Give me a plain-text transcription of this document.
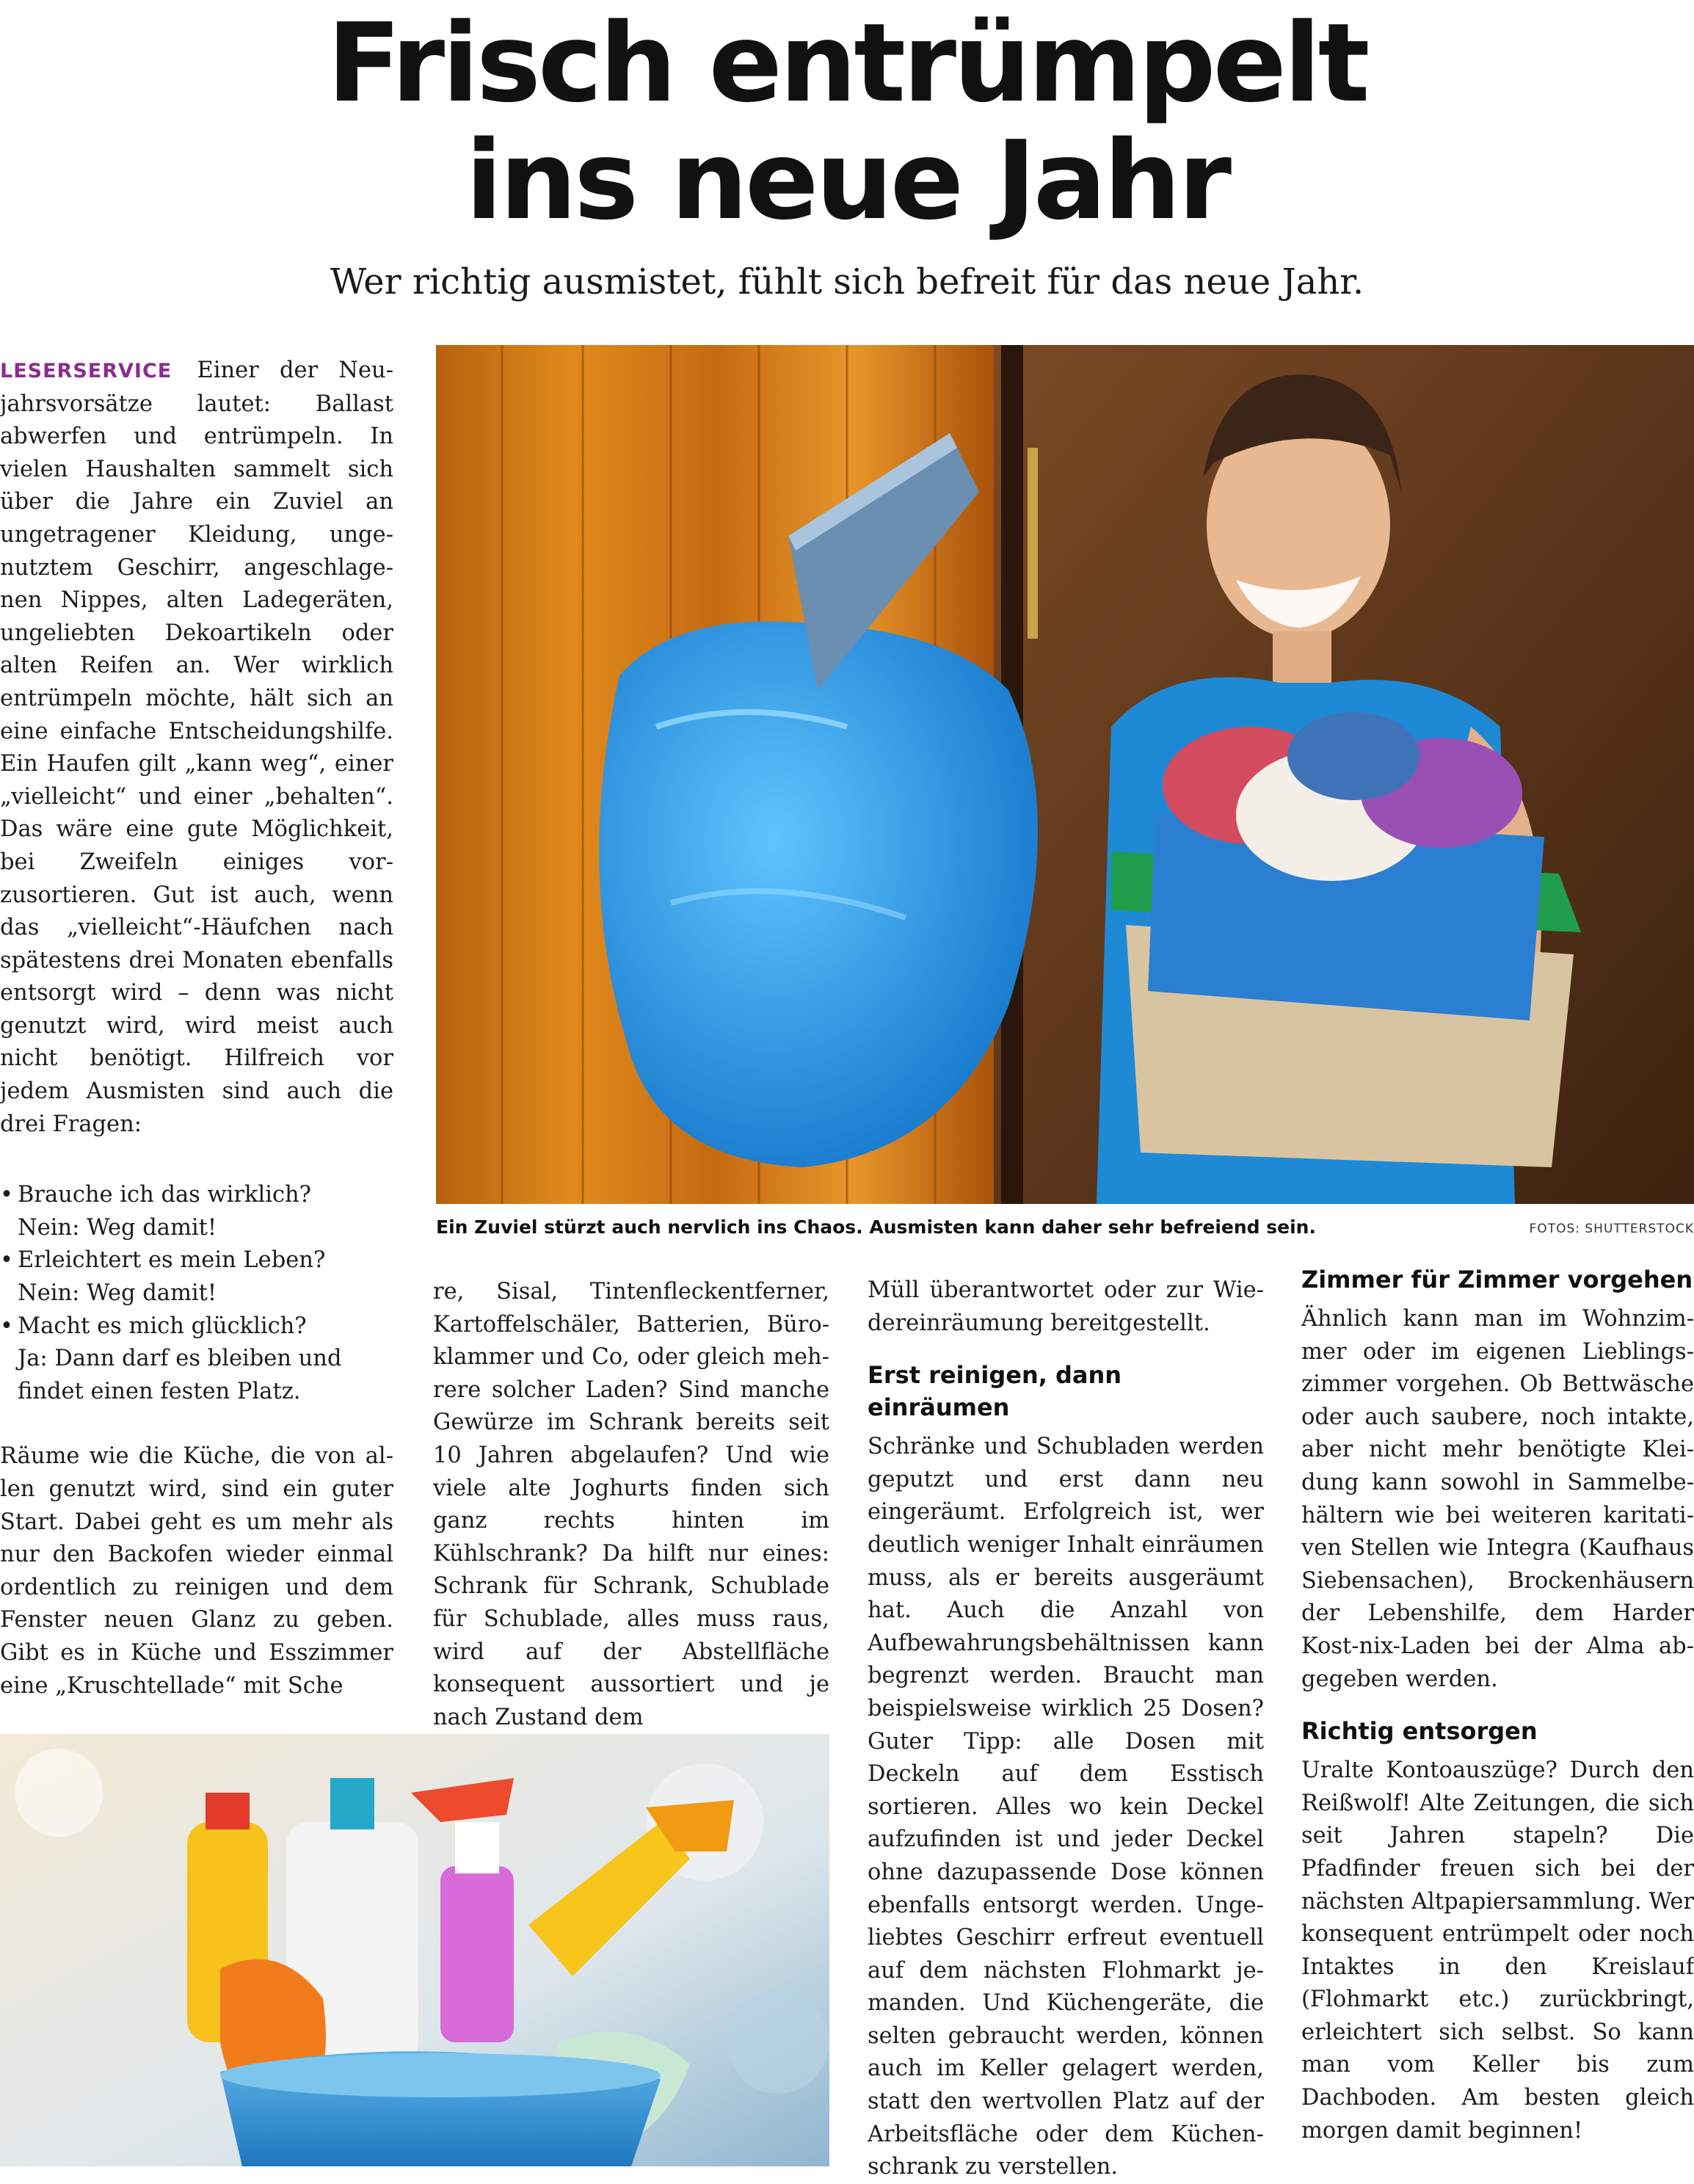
Frisch entrümpelt
ins neue Jahr
Wer richtig ausmistet, fühlt sich befreit für das neue Jahr.

LESERSERVICE Einer der Neujahrsvorsätze lautet: Ballast abwerfen und entrümpeln. In vielen Haushalten sammelt sich über die Jahre ein Zuviel an ungetragener Kleidung, ungenutztem Geschirr, angeschlagenen Nippes, alten Ladegeräten, ungeliebten Dekoartikeln oder alten Reifen an. Wer wirklich entrümpeln möchte, hält sich an eine einfache Entscheidungshilfe. Ein Haufen gilt „kann weg“, einer „vielleicht“ und einer „behalten“. Das wäre eine gute Möglichkeit, bei Zweifeln einiges vorzusortieren. Gut ist auch, wenn das „vielleicht“-Häufchen nach spätestens drei Monaten ebenfalls entsorgt wird – denn was nicht genutzt wird, wird meist auch nicht benötigt. Hilfreich vor jedem Ausmisten sind auch die drei Fragen:

• Brauche ich das wirklich?
Nein: Weg damit!
• Erleichtert es mein Leben?
Nein: Weg damit!
• Macht es mich glücklich?
Ja: Dann darf es bleiben und findet einen festen Platz.

Räume wie die Küche, die von allen genutzt wird, sind ein guter Start. Dabei geht es um mehr als nur den Backofen wieder einmal ordentlich zu reinigen und dem Fenster neuen Glanz zu geben. Gibt es in Küche und Esszimmer eine „Kruschtellade“ mit Sche

Ein Zuviel stürzt auch nervlich ins Chaos. Ausmisten kann daher sehr befreiend sein.	FOTOS: SHUTTERSTOCK

re, Sisal, Tintenfleckentferner, Kartoffelschäler, Batterien, Büroklammer und Co, oder gleich mehrere solcher Laden? Sind manche Gewürze im Schrank bereits seit 10 Jahren abgelaufen? Und wie viele alte Joghurts finden sich ganz rechts hinten im Kühlschrank? Da hilft nur eines: Schrank für Schrank, Schublade für Schublade, alles muss raus, wird auf der Abstellfläche konsequent aussortiert und je nach Zustand dem

Müll überantwortet oder zur Wiedereinräumung bereitgestellt.

Erst reinigen, dann einräumen

Schränke und Schubladen werden geputzt und erst dann neu eingeräumt. Erfolgreich ist, wer deutlich weniger Inhalt einräumen muss, als er bereits ausgeräumt hat. Auch die Anzahl von Aufbewahrungsbehältnissen kann begrenzt werden. Braucht man beispielsweise wirklich 25 Dosen? Guter Tipp: alle Dosen mit Deckeln auf dem Esstisch sortieren. Alles wo kein Deckel aufzufinden ist und jeder Deckel ohne dazupassende Dose können ebenfalls entsorgt werden. Ungeliebtes Geschirr erfreut eventuell auf dem nächsten Flohmarkt jemanden. Und Küchengeräte, die selten gebraucht werden, können auch im Keller gelagert werden, statt den wertvollen Platz auf der Arbeitsfläche oder dem Küchenschrank zu verstellen.

Zimmer für Zimmer vorgehen

Ähnlich kann man im Wohnzimmer oder im eigenen Lieblingszimmer vorgehen. Ob Bettwäsche oder auch saubere, noch intakte, aber nicht mehr benötigte Kleidung kann sowohl in Sammelbehältern wie bei weiteren karitativen Stellen wie Integra (Kaufhaus Siebensachen), Brockenhäusern der Lebenshilfe, dem Harder Kost-nix-Laden bei der Alma abgegeben werden.

Richtig entsorgen

Uralte Kontoauszüge? Durch den Reißwolf! Alte Zeitungen, die sich seit Jahren stapeln? Die Pfadfinder freuen sich bei der nächsten Altpapiersammlung. Wer konsequent entrümpelt oder noch Intaktes in den Kreislauf (Flohmarkt etc.) zurückbringt, erleichtert sich selbst. So kann man vom Keller bis zum Dachboden. Am besten gleich morgen damit beginnen!
